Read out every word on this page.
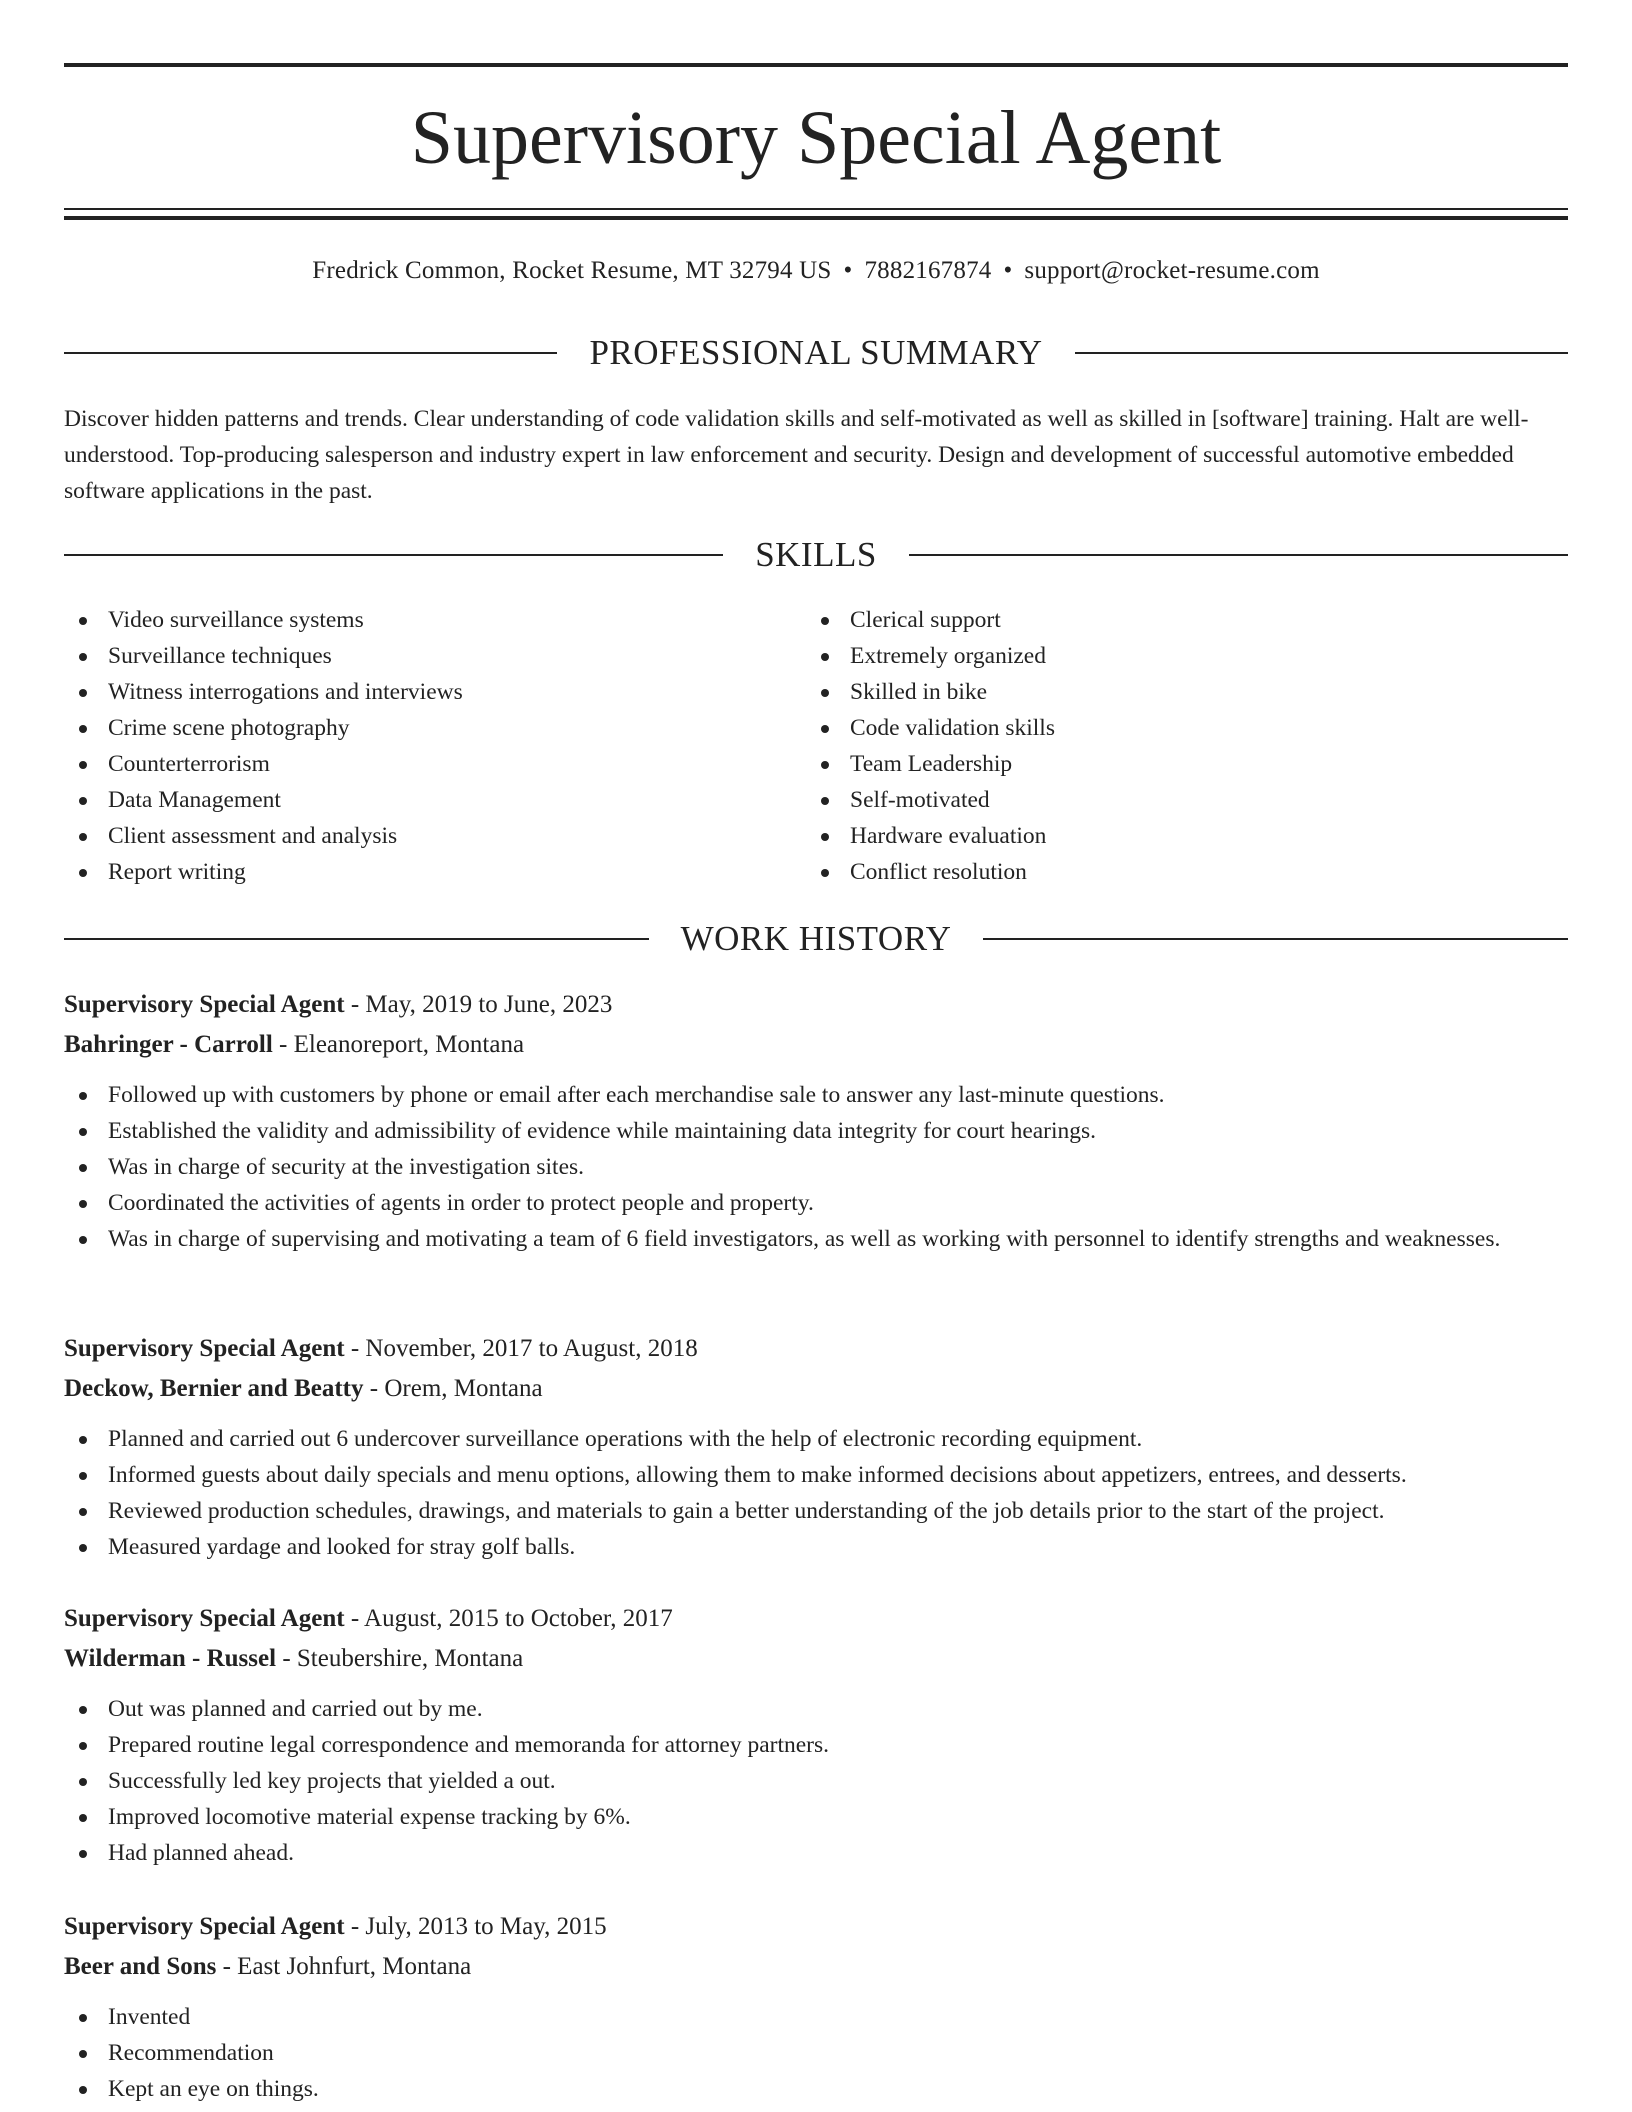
Supervisory Special Agent
Fredrick Common, Rocket Resume, MT 32794 US • 7882167874 • support@rocket-resume.com
PROFESSIONAL SUMMARY

Discover hidden patterns and trends. Clear understanding of code validation skills and self-motivated as well as skilled in [software] training. Halt are well-understood. Top-producing salesperson and industry expert in law enforcement and security. Design and development of successful automotive embedded software applications in the past.

SKILLS
Video surveillance systems
Surveillance techniques
Witness interrogations and interviews
Crime scene photography
Counterterrorism
Data Management
Client assessment and analysis
Report writing
Clerical support
Extremely organized
Skilled in bike
Code validation skills
Team Leadership
Self-motivated
Hardware evaluation
Conflict resolution
WORK HISTORY
Supervisory Special Agent - May, 2019 to June, 2023
Bahringer - Carroll - Eleanoreport, Montana
Followed up with customers by phone or email after each merchandise sale to answer any last-minute questions.
Established the validity and admissibility of evidence while maintaining data integrity for court hearings.
Was in charge of security at the investigation sites.
Coordinated the activities of agents in order to protect people and property.
Was in charge of supervising and motivating a team of 6 field investigators, as well as working with personnel to identify strengths and weaknesses.
Supervisory Special Agent - November, 2017 to August, 2018
Deckow, Bernier and Beatty - Orem, Montana
Planned and carried out 6 undercover surveillance operations with the help of electronic recording equipment.
Informed guests about daily specials and menu options, allowing them to make informed decisions about appetizers, entrees, and desserts.
Reviewed production schedules, drawings, and materials to gain a better understanding of the job details prior to the start of the project.
Measured yardage and looked for stray golf balls.
Supervisory Special Agent - August, 2015 to October, 2017
Wilderman - Russel - Steubershire, Montana
Out was planned and carried out by me.
Prepared routine legal correspondence and memoranda for attorney partners.
Successfully led key projects that yielded a out.
Improved locomotive material expense tracking by 6%.
Had planned ahead.
Supervisory Special Agent - July, 2013 to May, 2015
Beer and Sons - East Johnfurt, Montana
Invented
Recommendation
Kept an eye on things.
